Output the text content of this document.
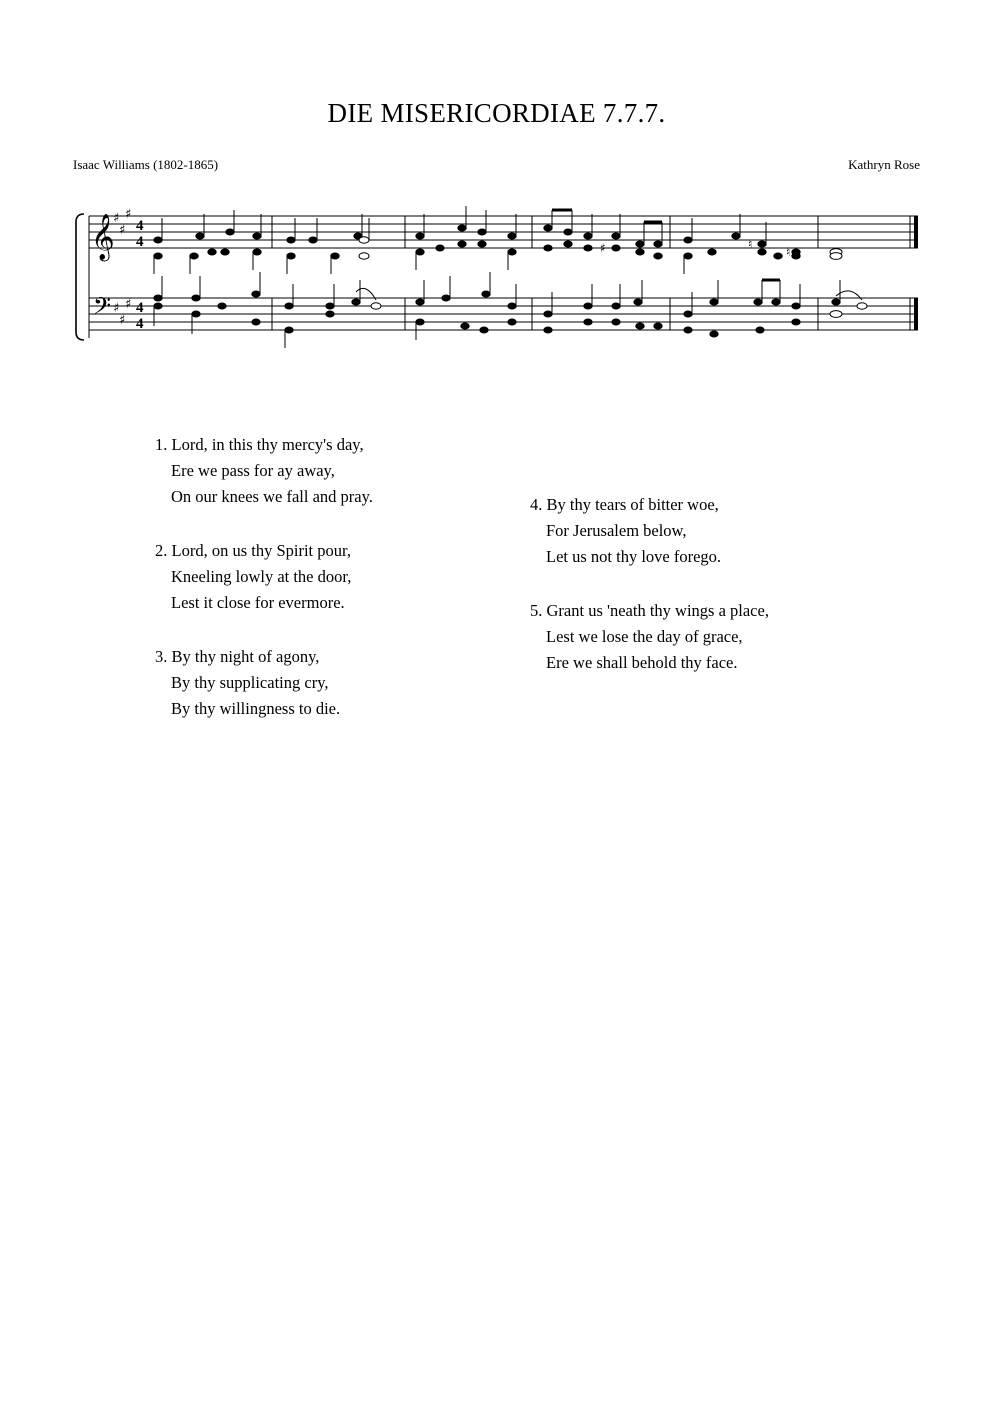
DIE MISERICORDIAE 7.7.7.
Isaac Williams (1802-1865)	Kathryn Rose
𝄞
𝄢
♯
♯
♯
♯
♯
♯
4
4
4
4
♯	♮
♮
1. Lord, in this thy mercy's day,
Ere we pass for ay away,
On our knees we fall and pray.
2. Lord, on us thy Spirit pour,
Kneeling lowly at the door,
Lest it close for evermore.
3. By thy night of agony,
By thy supplicating cry,
By thy willingness to die.
4. By thy tears of bitter woe,
For Jerusalem below,
Let us not thy love forego.
5. Grant us 'neath thy wings a place,
Lest we lose the day of grace,
Ere we shall behold thy face.
